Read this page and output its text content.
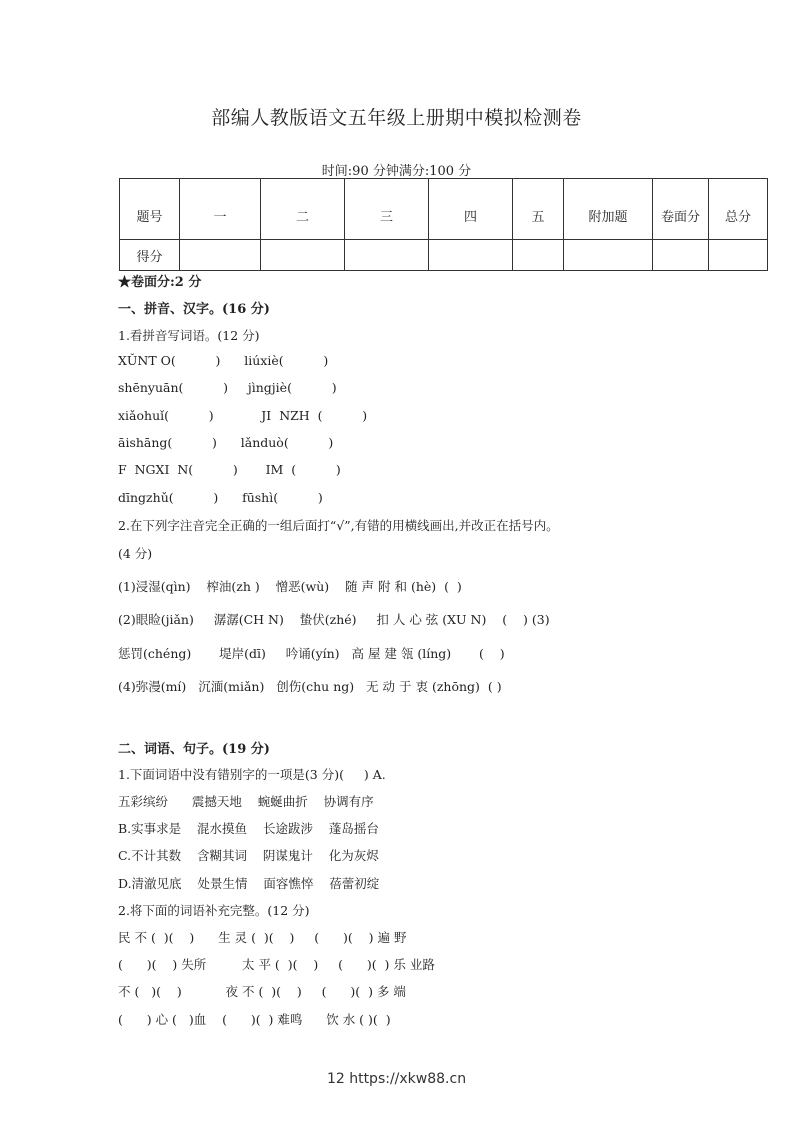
部编人教版语文五年级上册期中模拟检测卷
时间:90 分钟满分:100 分
题号	一	二	三	四	五	附加题	卷面分	总分
得分								
★卷面分:2 分
一、拼音、汉字。(16 分)
1.看拼音写词语。(12 分)
XǓNT O(          )      liúxiè(          )
shēnyuān(          )     jìngjiè(          )
xiǎohuǐ(          )            JI  NZH  (          )
āishāng(          )      lǎnduò(          )
F  NGXI  N(          )       IM  (          )
dīngzhǔ(          )      fūshì(          )
2.在下列字注音完全正确的一组后面打“√”,有错的用横线画出,并改正在括号内。
(4 分)
(1)浸湿(qìn)    榨油(zh )    憎恶(wù)    随 声 附 和 (hè)  (  )
(2)眼睑(jiǎn)     潺潺(CH N)    蛰伏(zhé)     扣 人 心 弦 (XU N)    (    ) (3)
惩罚(chéng)       堤岸(dī)     吟诵(yín)   高 屋 建 瓴 (líng)       (    )
(4)弥漫(mí)   沉湎(miǎn)   创伤(chu ng)   无 动 于 衷 (zhōng)  ( )
二、词语、句子。(19 分)
1.下面词语中没有错别字的一项是(3 分)(     ) A.
五彩缤纷      震撼天地    蜿蜒曲折    协调有序
B.实事求是    混水摸鱼    长途跋涉    蓬岛摇台
C.不计其数    含糊其词    阴谋鬼计    化为灰烬
D.清澈见底    处景生情    面容憔悴    蓓蕾初绽
2.将下面的词语补充完整。(12 分)
民 不 (  )(    )      生 灵 (  )(    )     (      )(    ) 遍 野
(      )(    ) 失所         太 平 (  )(    )     (      )(  ) 乐 业路
不 (   )(    )           夜 不 (  )(    )     (      )(  ) 多 端
(      ) 心 (   )血    (      )(  ) 难鸣      饮 水 ( )(  )
12 https://xkw88.cn
